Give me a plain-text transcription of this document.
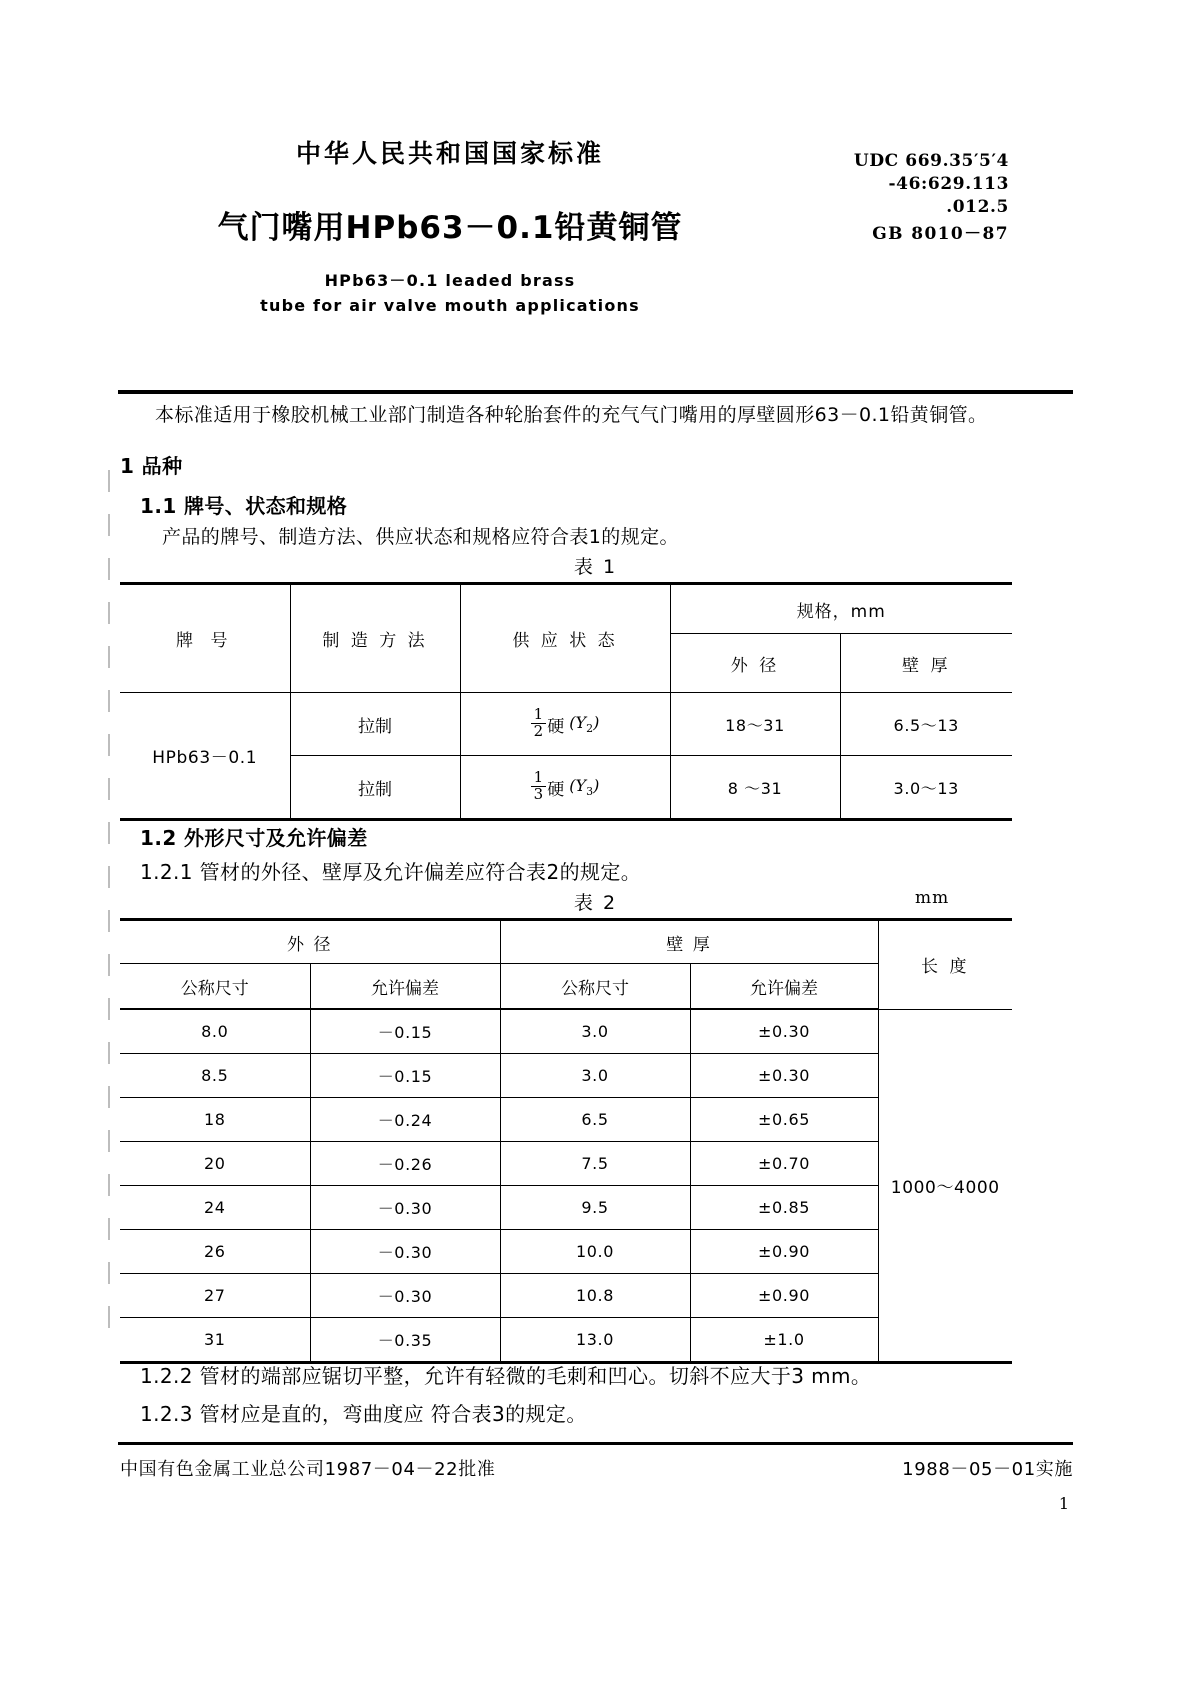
中华人民共和国国家标准
气门嘴用HPb63－0.1铅黄铜管
HPb63－0.1 leaded brass
tube for air valve mouth applications
UDC 669.35′5′4
-46:629.113
.012.5
GB 8010－87
本标准适用于橡胶机械工业部门制造各种轮胎套件的充气气门嘴用的厚壁圆形63－0.1铅黄铜管。
1 品种
1.1 牌号、状态和规格
产品的牌号、制造方法、供应状态和规格应符合表1的规定。
表 1
牌 号	制 造 方 法	供 应 状 态	规格，mm	
			外 径	壁 厚
HPb63－0.1	拉制	$\frac{1}{2}$ 硬 $(Y_2)$	18～31	6.5～13
	拉制	$\frac{1}{3}$ 硬 $(Y_3)$	8 ～31	3.0～13
1.2 外形尺寸及允许偏差
1.2.1 管材的外径、壁厚及允许偏差应符合表2的规定。
表 2	mm
外 径		壁 厚		长 度
公称尺寸	允许偏差	公称尺寸	允许偏差	
8.0	－0.15	3.0	±0.30	1000～4000
8.5	－0.15	3.0	±0.30	
18	－0.24	6.5	±0.65	
20	－0.26	7.5	±0.70	
24	－0.30	9.5	±0.85	
26	－0.30	10.0	±0.90	
27	－0.30	10.8	±0.90	
31	－0.35	13.0	±1.0	
1.2.2 管材的端部应锯切平整，允许有轻微的毛刺和凹心。切斜不应大于3 mm。
1.2.3 管材应是直的，弯曲度应 符合表3的规定。
中国有色金属工业总公司1987－04－22批准	1988－05－01实施
1
